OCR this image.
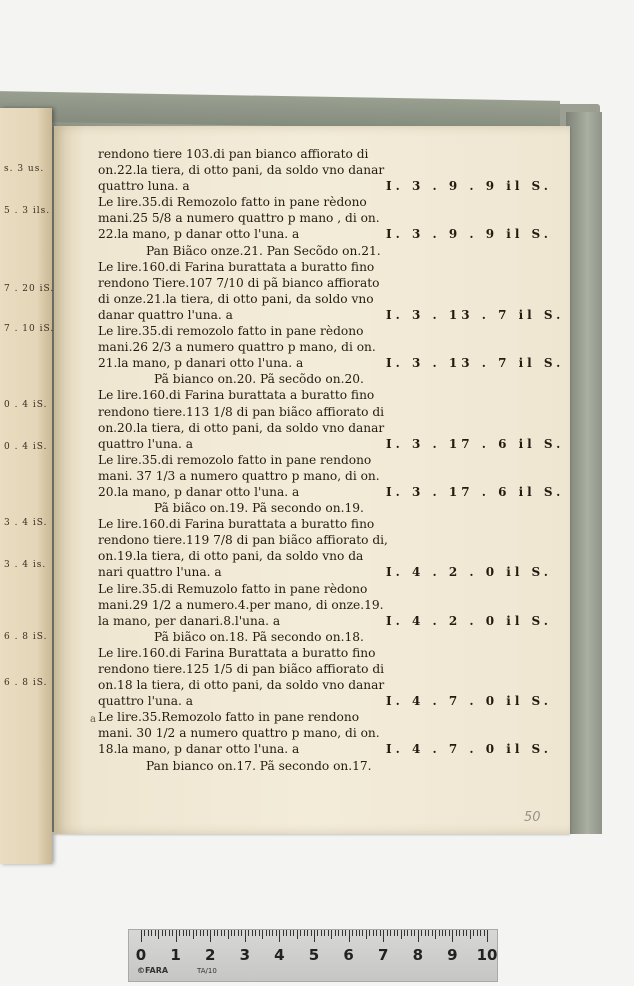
s. 3 us.
5 . 3 ils.
7 . 20 iS.
7 . 10 iS.
0 . 4 iS.
0 . 4 iS.
3 . 4 iS.
3 . 4 is.
6 . 8 iS.
6 . 8 iS.
rendono tiere 103.di pan bianco affiorato di
on.22.la tiera, di otto pani, da soldo vno danar
quattro luna. a	I. 3 . 9 . 9 il S.
Le lire.35.di Remozolo fatto in pane rèdono
mani.25 5/8 a numero quattro p mano , di on.
22.la mano, p danar otto l'una. a	I. 3 . 9 . 9 il S.
Pan Biãco onze.21. Pan Secõdo on.21.
Le lire.160.di Farina burattata a buratto fino
rendono Tiere.107 7/10 di pã bianco affiorato
di onze.21.la tiera, di otto pani, da soldo vno
danar quattro l'una. a	I. 3 . 13 . 7 il S.
Le lire.35.di remozolo fatto in pane rèdono
mani.26 2/3 a numero quattro p mano, di on.
21.la mano, p danari otto l'una. a	I. 3 . 13 . 7 il S.
Pã bianco on.20. Pã secõdo on.20.
Le lire.160.di Farina burattata a buratto fino
rendono tiere.113 1/8 di pan biãco affiorato di
on.20.la tiera, di otto pani, da soldo vno danar
quattro l'una. a	I. 3 . 17 . 6 il S.
Le lire.35.di remozolo fatto in pane rendono
mani. 37 1/3 a numero quattro p mano, di on.
20.la mano, p danar otto l'una. a	I. 3 . 17 . 6 il S.
Pã biãco on.19. Pã secondo on.19.
Le lire.160.di Farina burattata a buratto fino
rendono tiere.119 7/8 di pan biãco affiorato di,
on.19.la tiera, di otto pani, da soldo vno da
nari quattro l'una. a	I. 4 . 2 . 0 il S.
Le lire.35.di Remuzolo fatto in pane rèdono
mani.29 1/2 a numero.4.per mano, di onze.19.
la mano, per danari.8.l'una. a	I. 4 . 2 . 0 il S.
Pã biãco on.18. Pã secondo on.18.
Le lire.160.di Farina Burattata a buratto fino
rendono tiere.125 1/5 di pan biãco affiorato di
on.18 la tiera, di otto pani, da soldo vno danar
quattro l'una. a	I. 4 . 7 . 0 il S.
Le lire.35.Remozolo fatto in pane rendono
mani. 30 1/2 a numero quattro p mano, di on.
18.la mano, p danar otto l'una. a	I. 4 . 7 . 0 il S.
Pan bianco on.17. Pã secondo on.17.
a
50
0 1 2 3 4 5 6 7 8 9 10
©FARA	TA/10
